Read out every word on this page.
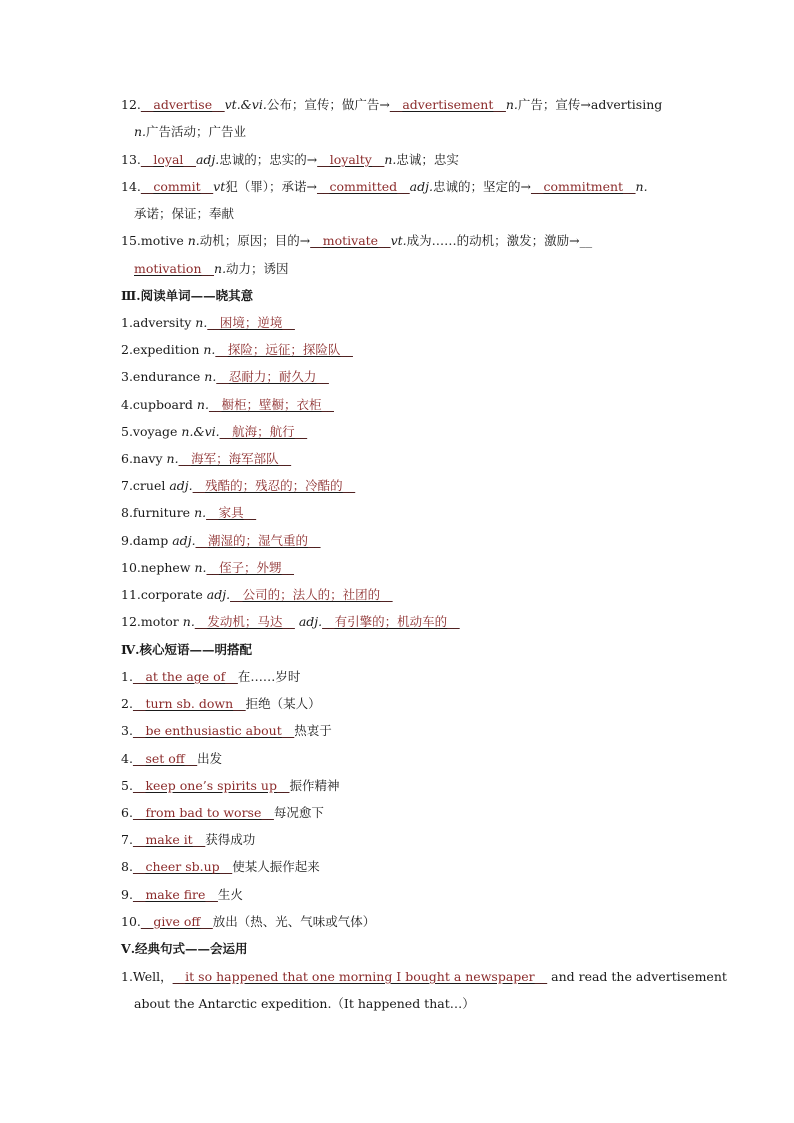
12.__advertise__vt.&vi.公布；宣传；做广告→__advertisement__n.广告；宣传→advertising
n.广告活动；广告业
13.__loyal__adj.忠诚的；忠实的→__loyalty__n.忠诚；忠实
14.__commit__vt犯（罪）；承诺→__committed__adj.忠诚的；坚定的→__commitment__n.
承诺；保证；奉献
15.motive n.动机；原因；目的→__motivate__vt.成为……的动机；激发；激励→__
motivation__n.动力；诱因
Ⅲ.阅读单词——晓其意
1.adversity n.__困境；逆境__
2.expedition n.__探险；远征；探险队__
3.endurance n.__忍耐力；耐久力__
4.cupboard n.__橱柜；壁橱；衣柜__
5.voyage n.&vi.__航海；航行__
6.navy n.__海军；海军部队__
7.cruel adj.__残酷的；残忍的；冷酷的__
8.furniture n.__家具__
9.damp adj.__潮湿的；湿气重的__
10.nephew n.__侄子；外甥__
11.corporate adj.__公司的；法人的；社团的__
12.motor n.__发动机；马达__ adj.__有引擎的；机动车的__
Ⅳ.核心短语——明搭配
1.__at the age of__在……岁时
2.__turn sb. down__拒绝（某人）
3.__be enthusiastic about__热衷于
4.__set off__出发
5.__keep one’s spirits up__振作精神
6.__from bad to worse__每况愈下
7.__make it__获得成功
8.__cheer sb.up__使某人振作起来
9.__make fire__生火
10.__give off__放出（热、光、气味或气体）
Ⅴ.经典句式——会运用
1.Well，__it so happened that one morning I bought a newspaper__ and read the advertisement
about the Antarctic expedition.（It happened that…）
